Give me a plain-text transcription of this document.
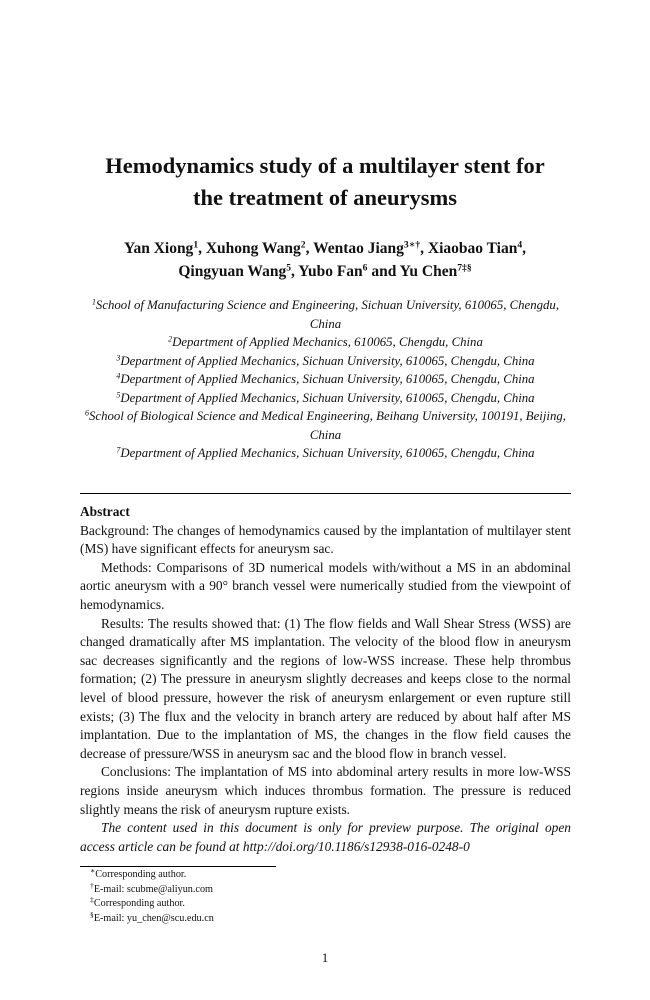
Hemodynamics study of a multilayer stent for
the treatment of aneurysms
Yan Xiong$^1$, Xuhong Wang$^2$, Wentao Jiang$^{3∗\dagger}$, Xiaobao Tian$^4$,
Qingyuan Wang$^5$, Yubo Fan$^6$ and Yu Chen$^{7\ddagger\S}$
$^1$School of Manufacturing Science and Engineering, Sichuan University, 610065, Chengdu, China
$^2$Department of Applied Mechanics, 610065, Chengdu, China
$^3$Department of Applied Mechanics, Sichuan University, 610065, Chengdu, China
$^4$Department of Applied Mechanics, Sichuan University, 610065, Chengdu, China
$^5$Department of Applied Mechanics, Sichuan University, 610065, Chengdu, China
$^6$School of Biological Science and Medical Engineering, Beihang University, 100191, Beijing, China
$^7$Department of Applied Mechanics, Sichuan University, 610065, Chengdu, China
Abstract

Background: The changes of hemodynamics caused by the implantation of multilayer stent (MS) have significant effects for aneurysm sac.

Methods: Comparisons of 3D numerical models with/without a MS in an abdominal aortic aneurysm with a 90° branch vessel were numerically studied from the viewpoint of hemodynamics.

Results: The results showed that: (1) The flow fields and Wall Shear Stress (WSS) are changed dramatically after MS implantation. The velocity of the blood flow in aneurysm sac decreases significantly and the regions of low-WSS increase. These help thrombus formation; (2) The pressure in aneurysm slightly decreases and keeps close to the normal level of blood pressure, however the risk of aneurysm enlargement or even rupture still exists; (3) The flux and the velocity in branch artery are reduced by about half after MS implantation. Due to the implantation of MS, the changes in the flow field causes the decrease of pressure/WSS in aneurysm sac and the blood flow in branch vessel.

Conclusions: The implantation of MS into abdominal artery results in more low-WSS regions inside aneurysm which induces thrombus formation. The pressure is reduced slightly means the risk of aneurysm rupture exists.

The content used in this document is only for preview purpose. The original open access article can be found at http://doi.org/10.1186/s12938-016-0248-0

∗Corresponding author.
†E-mail: scubme@aliyun.com
‡Corresponding author.
§E-mail: yu_chen@scu.edu.cn
1
